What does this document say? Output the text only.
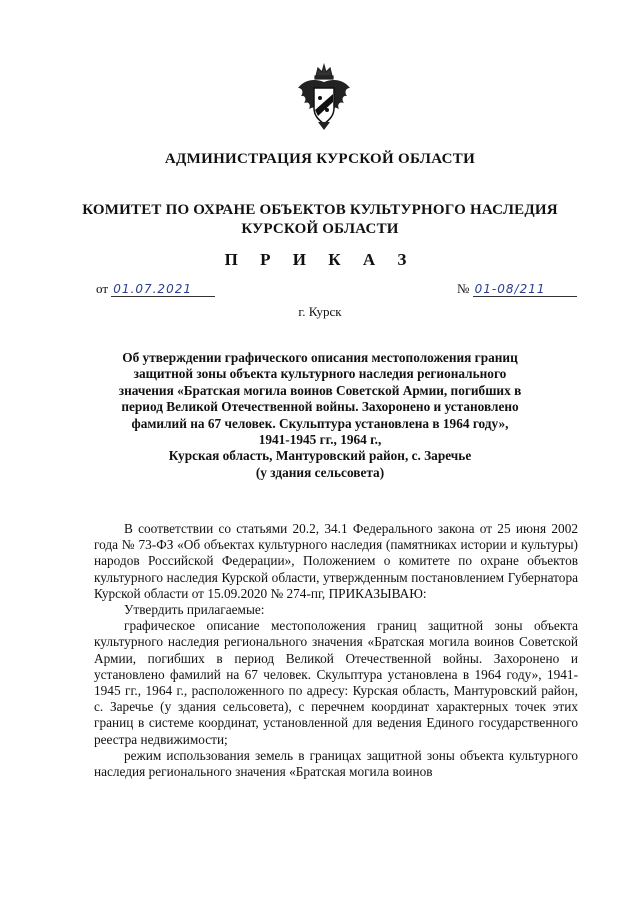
АДМИНИСТРАЦИЯ КУРСКОЙ ОБЛАСТИ
КОМИТЕТ ПО ОХРАНЕ ОБЪЕКТОВ КУЛЬТУРНОГО НАСЛЕДИЯ
КУРСКОЙ ОБЛАСТИ
П Р И К А З
от 01.07.2021	№ 01-08/211
г. Курск
Об утверждении графического описания местоположения границ
защитной зоны объекта культурного наследия регионального
значения «Братская могила воинов Советской Армии, погибших в
период Великой Отечественной войны. Захоронено и установлено
фамилий на 67 человек. Скульптура установлена в 1964 году»,
1941-1945 гг., 1964 г.,
Курская область, Мантуровский район, с. Заречье
(у здания сельсовета)

В соответствии со статьями 20.2, 34.1 Федерального закона от 25 июня 2002 года № 73-ФЗ «Об объектах культурного наследия (памятниках истории и культуры) народов Российской Федерации», Положением о комитете по охране объектов культурного наследия Курской области, утвержденным постановлением Губернатора Курской области от 15.09.2020 № 274-пг, ПРИКАЗЫВАЮ:

Утвердить прилагаемые:

графическое описание местоположения границ защитной зоны объекта культурного наследия регионального значения «Братская могила воинов Советской Армии, погибших в период Великой Отечественной войны. Захоронено и установлено фамилий на 67 человек. Скульптура установлена в 1964 году», 1941-1945 гг., 1964 г., расположенного по адресу: Курская область, Мантуровский район, с. Заречье (у здания сельсовета), с перечнем координат характерных точек этих границ в системе координат, установленной для ведения Единого государственного реестра недвижимости;

режим использования земель в границах защитной зоны объекта культурного наследия регионального значения «Братская могила воинов
